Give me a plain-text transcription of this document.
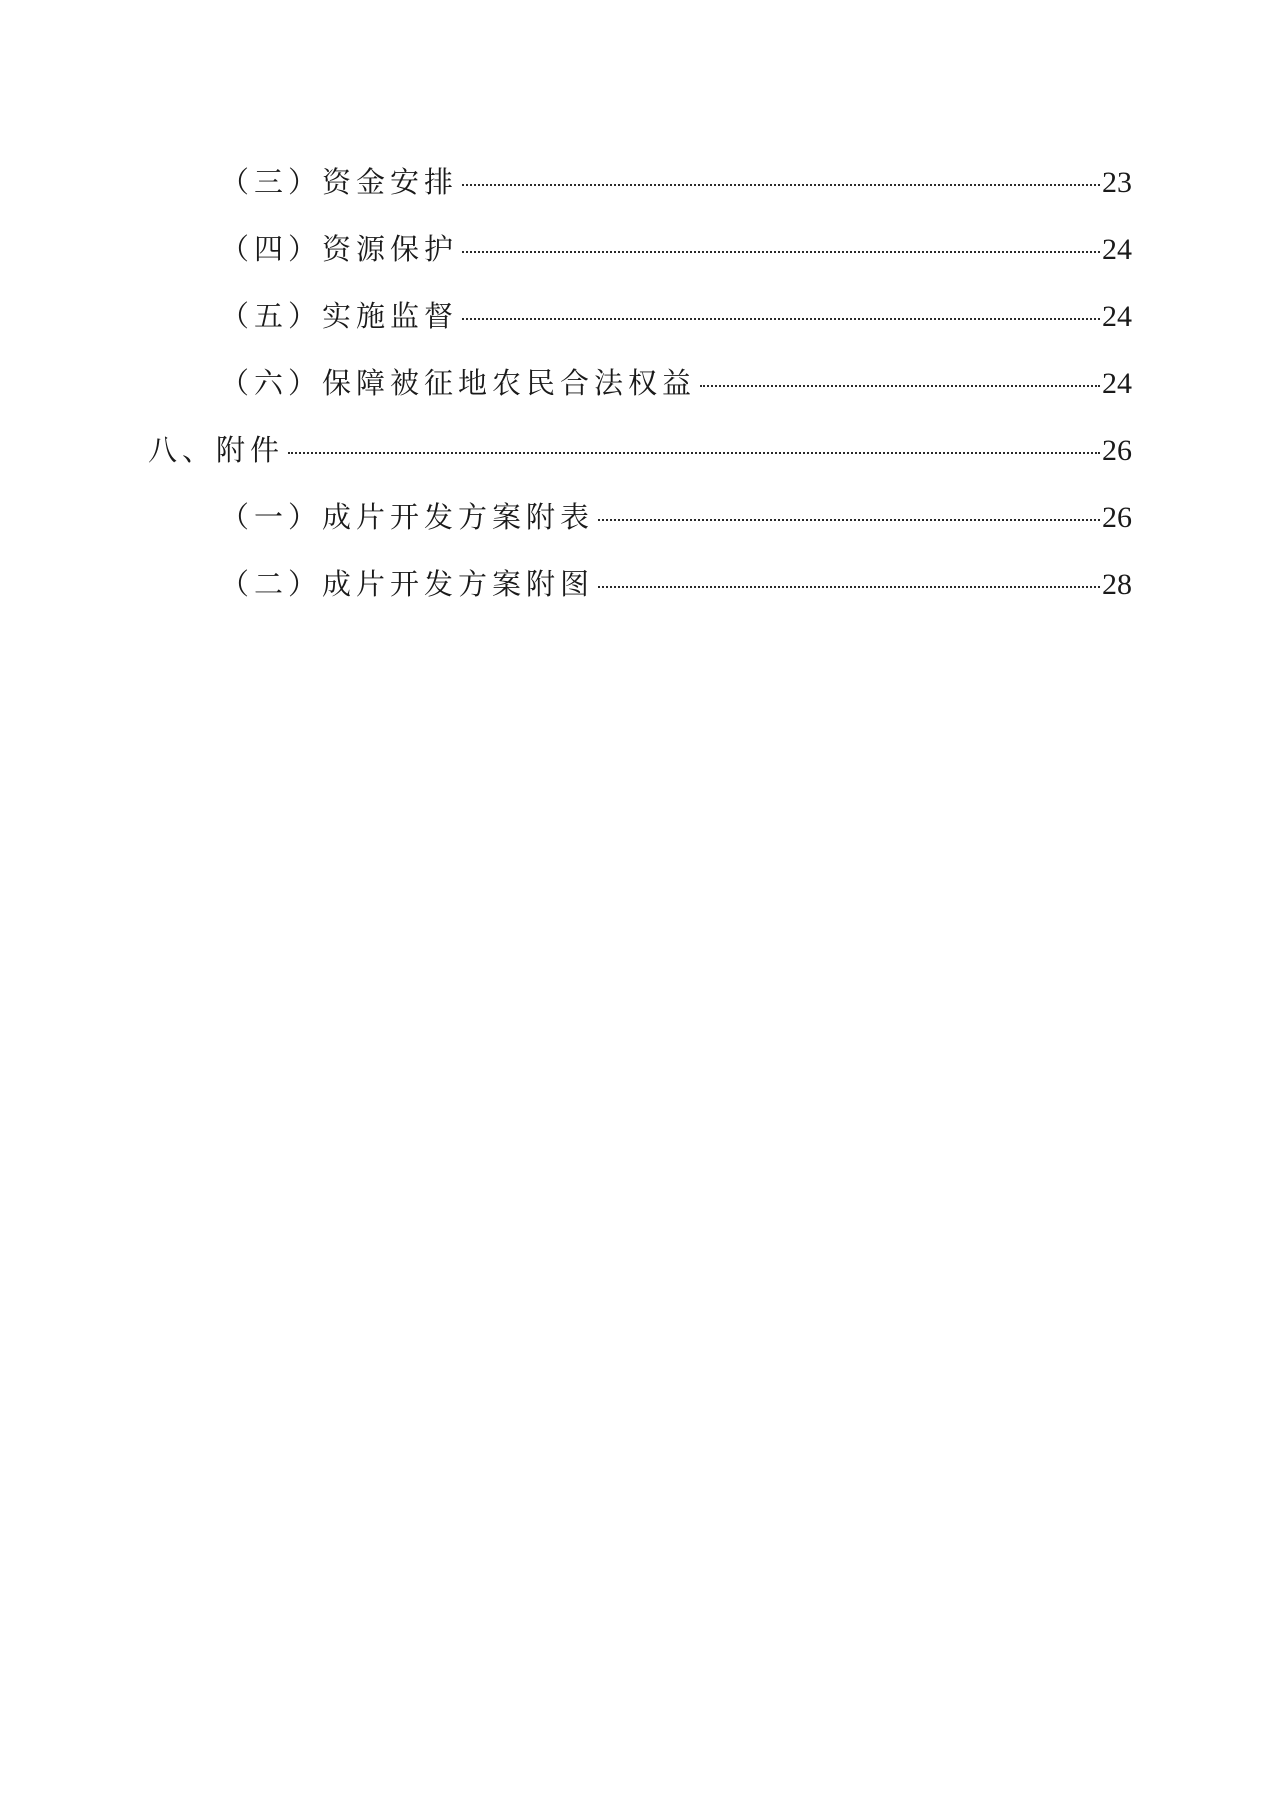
（三）资金安排	23
（四）资源保护	24
（五）实施监督	24
（六）保障被征地农民合法权益	24
八、附件	26
（一）成片开发方案附表	26
（二）成片开发方案附图	28
